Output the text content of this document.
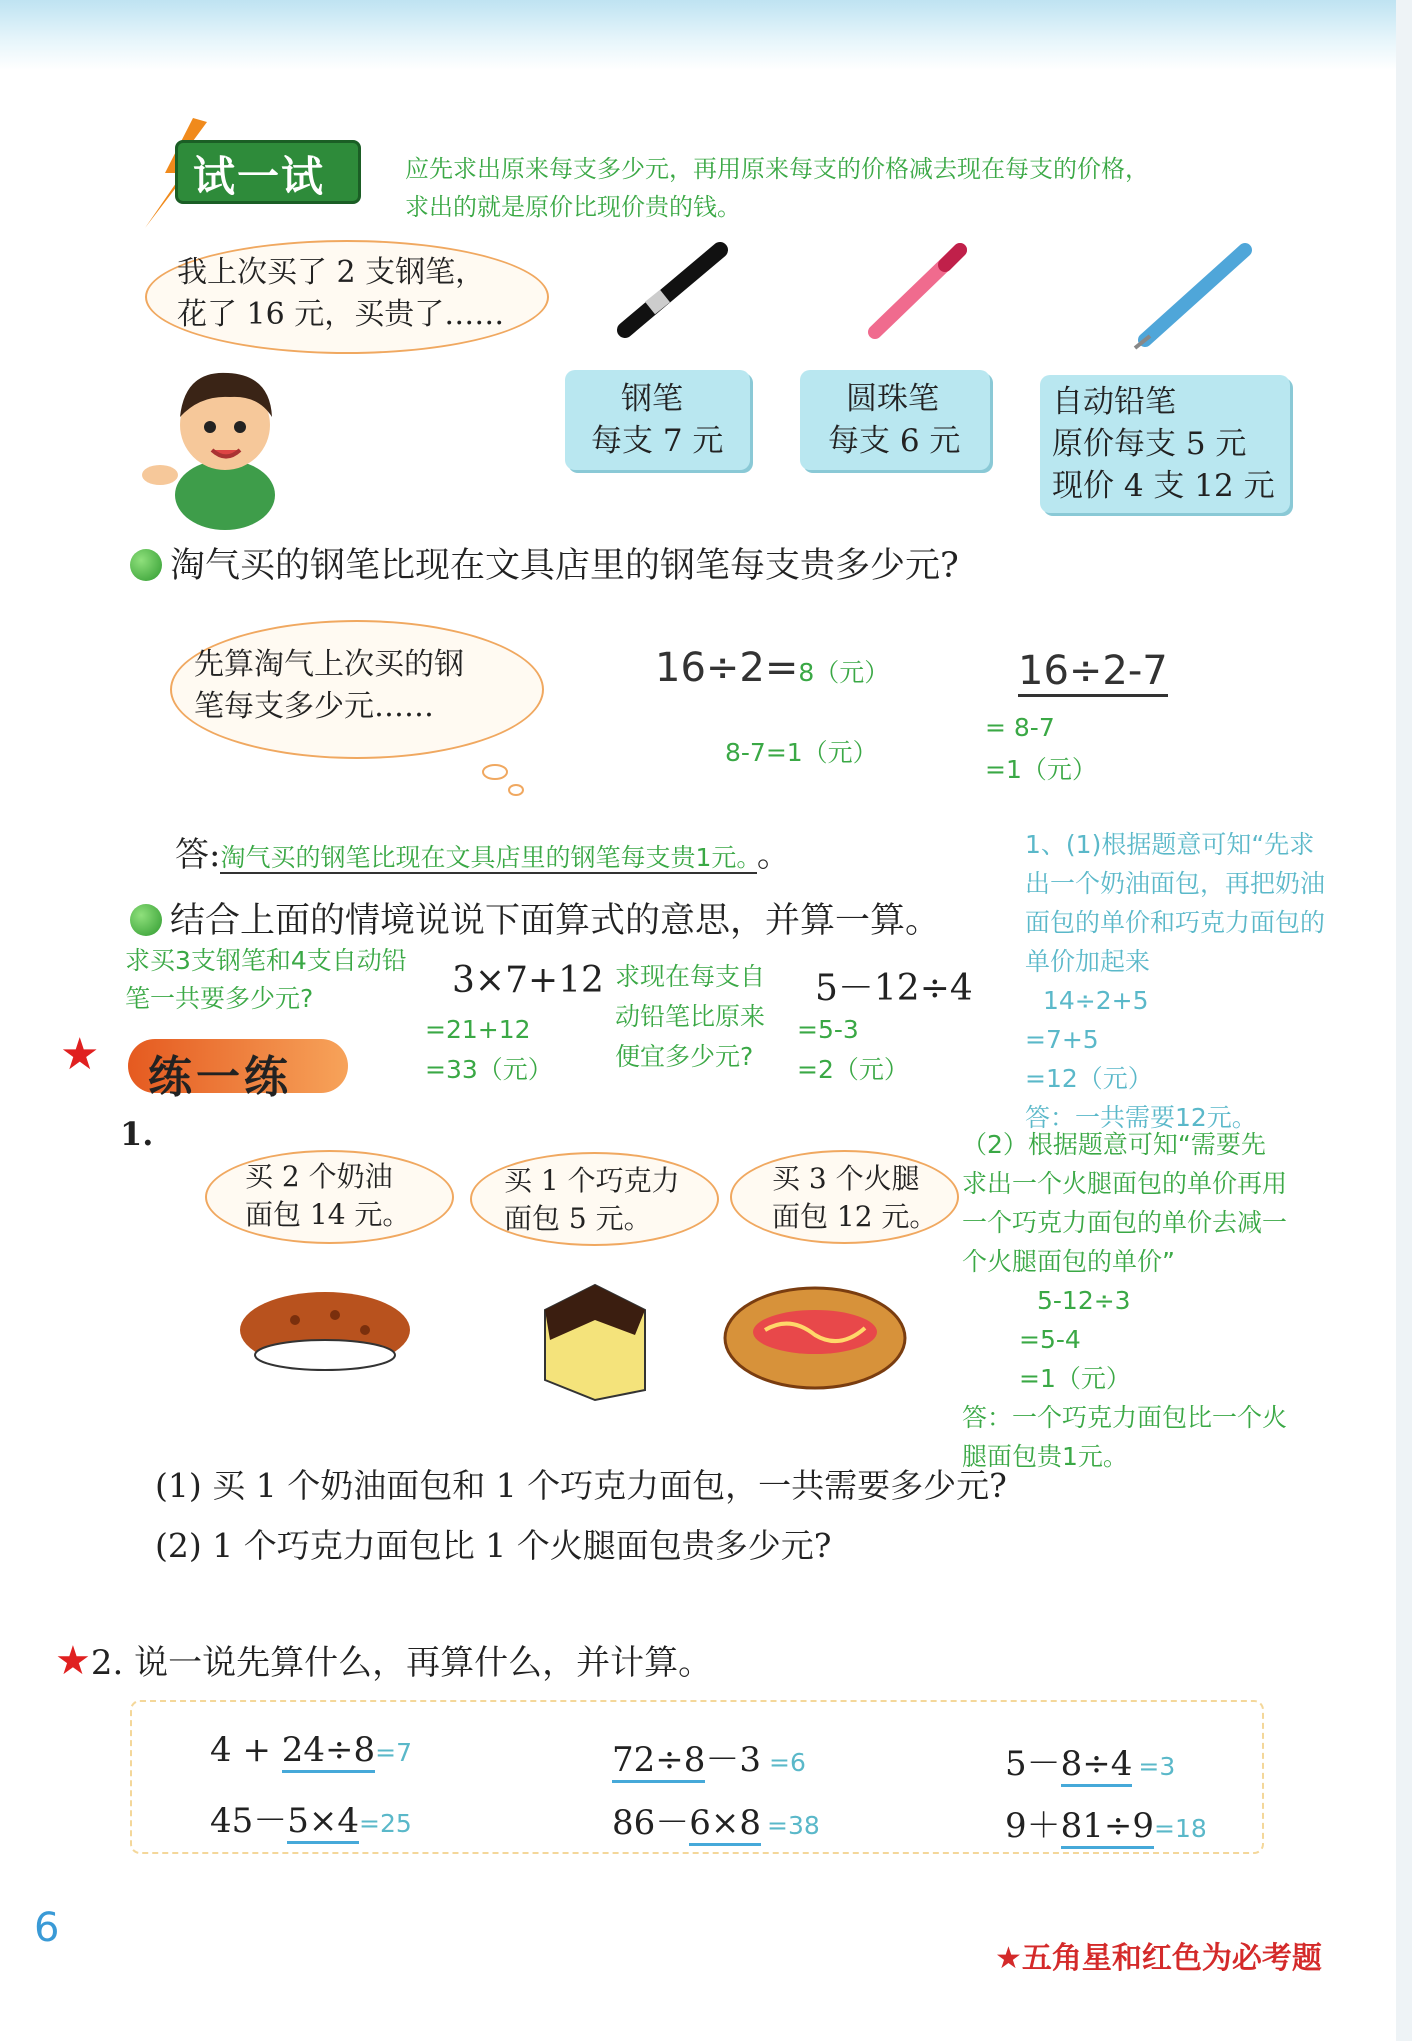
试一试	应先求出原来每支多少元，再用原来每支的价格减去现在每支的价格，
求出的就是原价比现价贵的钱。
我上次买了 2 支钢笔，
花了 16 元，买贵了……
钢笔
每支 7 元
圆珠笔
每支 6 元
自动铅笔
原价每支 5 元
现价 4 支 12 元
淘气买的钢笔比现在文具店里的钢笔每支贵多少元?
先算淘气上次买的钢
笔每支多少元……
16÷2=8（元）
8-7=1（元）
16÷2-7
= 8-7
=1（元）
答:淘气买的钢笔比现在文具店里的钢笔每支贵1元。 。
结合上面的情境说说下面算式的意思，并算一算。
求买3支钢笔和4支自动铅
笔一共要多少元?	3×7+12
=21+12
=33（元）
求现在每支自
动铅笔比原来
便宜多少元?
5－12÷4
=5-3
=2（元）
1、(1)根据题意可知“先求
出一个奶油面包，再把奶油
面包的单价和巧克力面包的
单价加起来
14÷2+5
=7+5
=12（元）
答：一共需要12元。
（2）根据题意可知“需要先
求出一个火腿面包的单价再用
一个巧克力面包的单价去减一
个火腿面包的单价”
5-12÷3
=5-4
=1（元）
答：一个巧克力面包比一个火
腿面包贵1元。
★ 练一练
1.
买 2 个奶油
面包 14 元。
买 1 个巧克力
面包 5 元。
买 3 个火腿
面包 12 元。
(1) 买 1 个奶油面包和 1 个巧克力面包，一共需要多少元?
(2) 1 个巧克力面包比 1 个火腿面包贵多少元?
★2. 说一说先算什么，再算什么，并计算。
4 + 24÷8=7	72÷8－3 =6	5－8÷4 =3
45－5×4=25	86－6×8 =38	9＋81÷9=18
6
★五角星和红色为必考题
